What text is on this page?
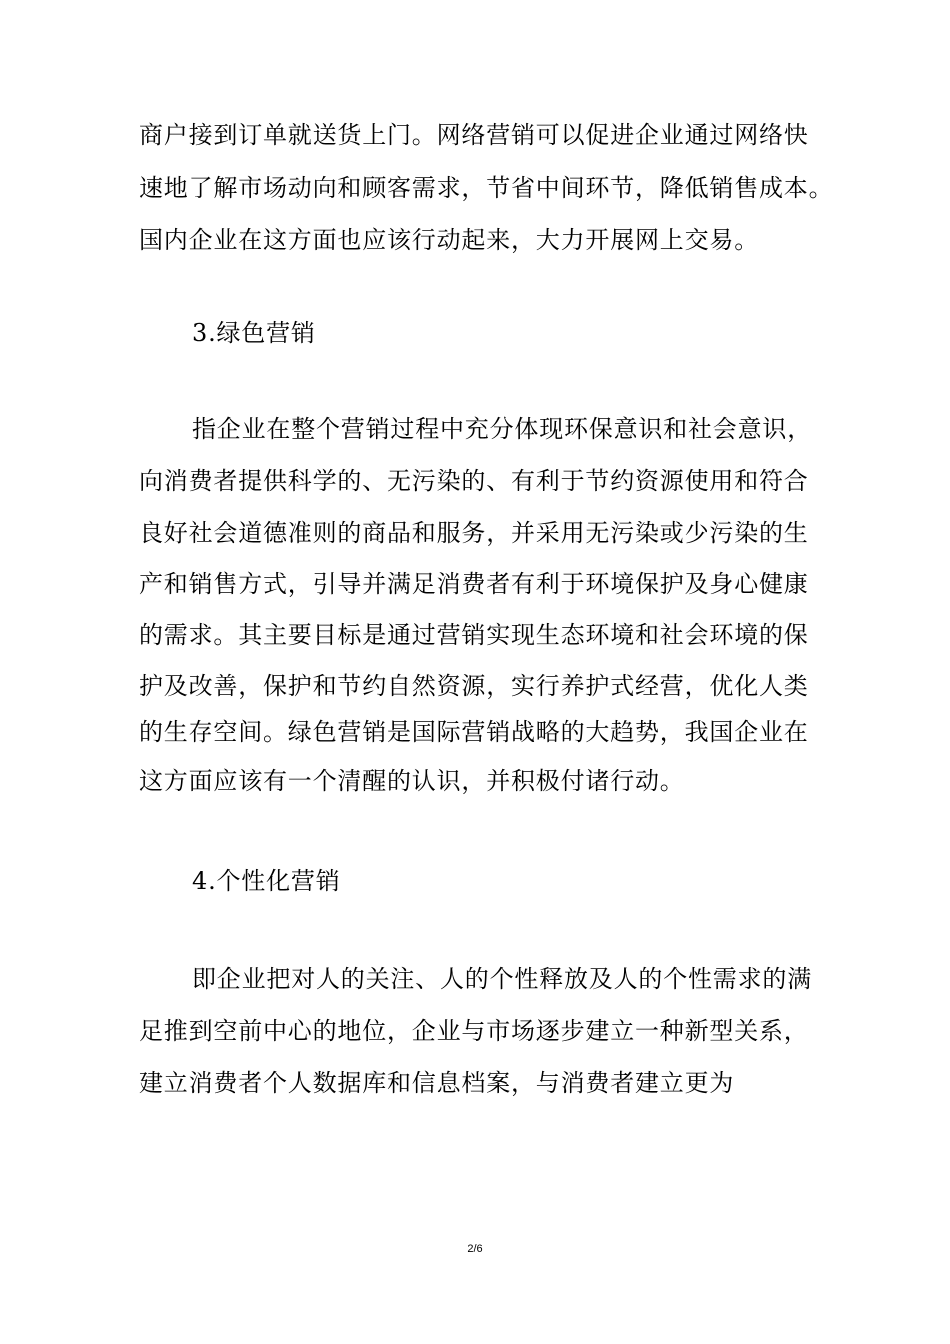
商户接到订单就送货上门。网络营销可以促进企业通过网络快

速地了解市场动向和顾客需求，节省中间环节，降低销售成本。

国内企业在这方面也应该行动起来，大力开展网上交易。

3.绿色营销

指企业在整个营销过程中充分体现环保意识和社会意识，

向消费者提供科学的、无污染的、有利于节约资源使用和符合

良好社会道德准则的商品和服务，并采用无污染或少污染的生

产和销售方式，引导并满足消费者有利于环境保护及身心健康

的需求。其主要目标是通过营销实现生态环境和社会环境的保

护及改善，保护和节约自然资源，实行养护式经营，优化人类

的生存空间。绿色营销是国际营销战略的大趋势，我国企业在

这方面应该有一个清醒的认识，并积极付诸行动。

4.个性化营销

即企业把对人的关注、人的个性释放及人的个性需求的满

足推到空前中心的地位，企业与市场逐步建立一种新型关系，

建立消费者个人数据库和信息档案，与消费者建立更为

2/6
